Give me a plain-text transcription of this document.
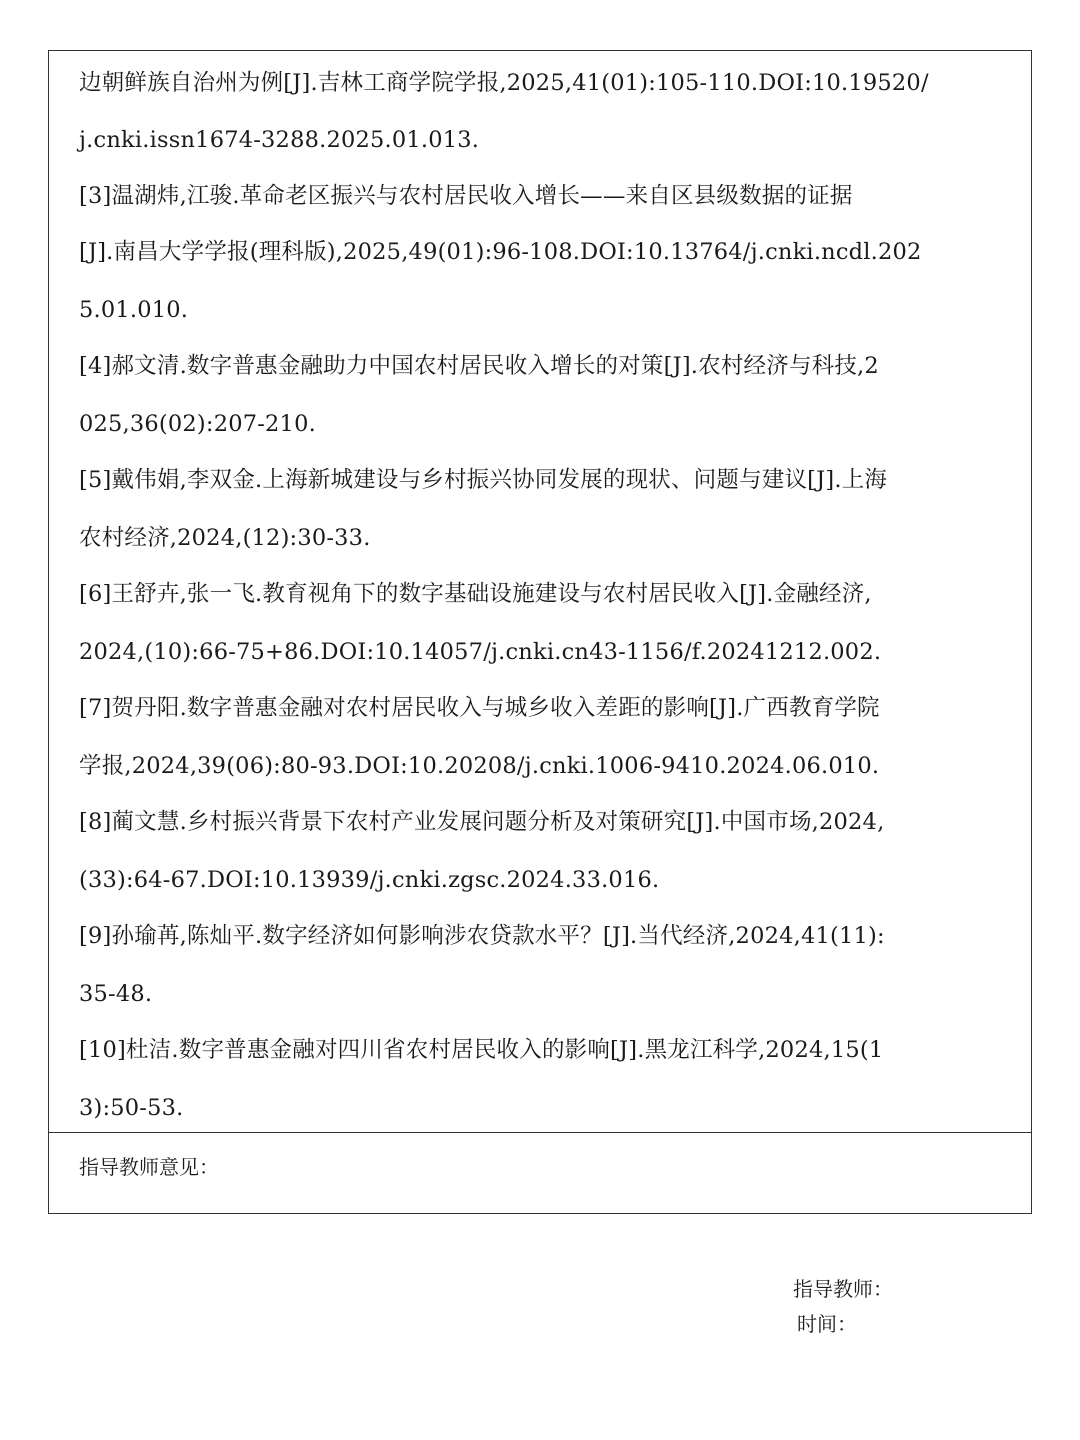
边朝鲜族自治州为例[J].吉林工商学院学报,2025,41(01):105-110.DOI:10.19520/
j.cnki.issn1674-3288.2025.01.013.
[3]温湖炜,江骏.革命老区振兴与农村居民收入增长——来自区县级数据的证据
[J].南昌大学学报(理科版),2025,49(01):96-108.DOI:10.13764/j.cnki.ncdl.202
5.01.010.
[4]郝文清.数字普惠金融助力中国农村居民收入增长的对策[J].农村经济与科技,2
025,36(02):207-210.
[5]戴伟娟,李双金.上海新城建设与乡村振兴协同发展的现状、问题与建议[J].上海
农村经济,2024,(12):30-33.
[6]王舒卉,张一飞.教育视角下的数字基础设施建设与农村居民收入[J].金融经济,
2024,(10):66-75+86.DOI:10.14057/j.cnki.cn43-1156/f.20241212.002.
[7]贺丹阳.数字普惠金融对农村居民收入与城乡收入差距的影响[J].广西教育学院
学报,2024,39(06):80-93.DOI:10.20208/j.cnki.1006-9410.2024.06.010.
[8]蔺文慧.乡村振兴背景下农村产业发展问题分析及对策研究[J].中国市场,2024,
(33):64-67.DOI:10.13939/j.cnki.zgsc.2024.33.016.
[9]孙瑜苒,陈灿平.数字经济如何影响涉农贷款水平？[J].当代经济,2024,41(11):
35-48.
[10]杜洁.数字普惠金融对四川省农村居民收入的影响[J].黑龙江科学,2024,15(1
3):50-53.
指导教师意见：
指导教师：
时间：
